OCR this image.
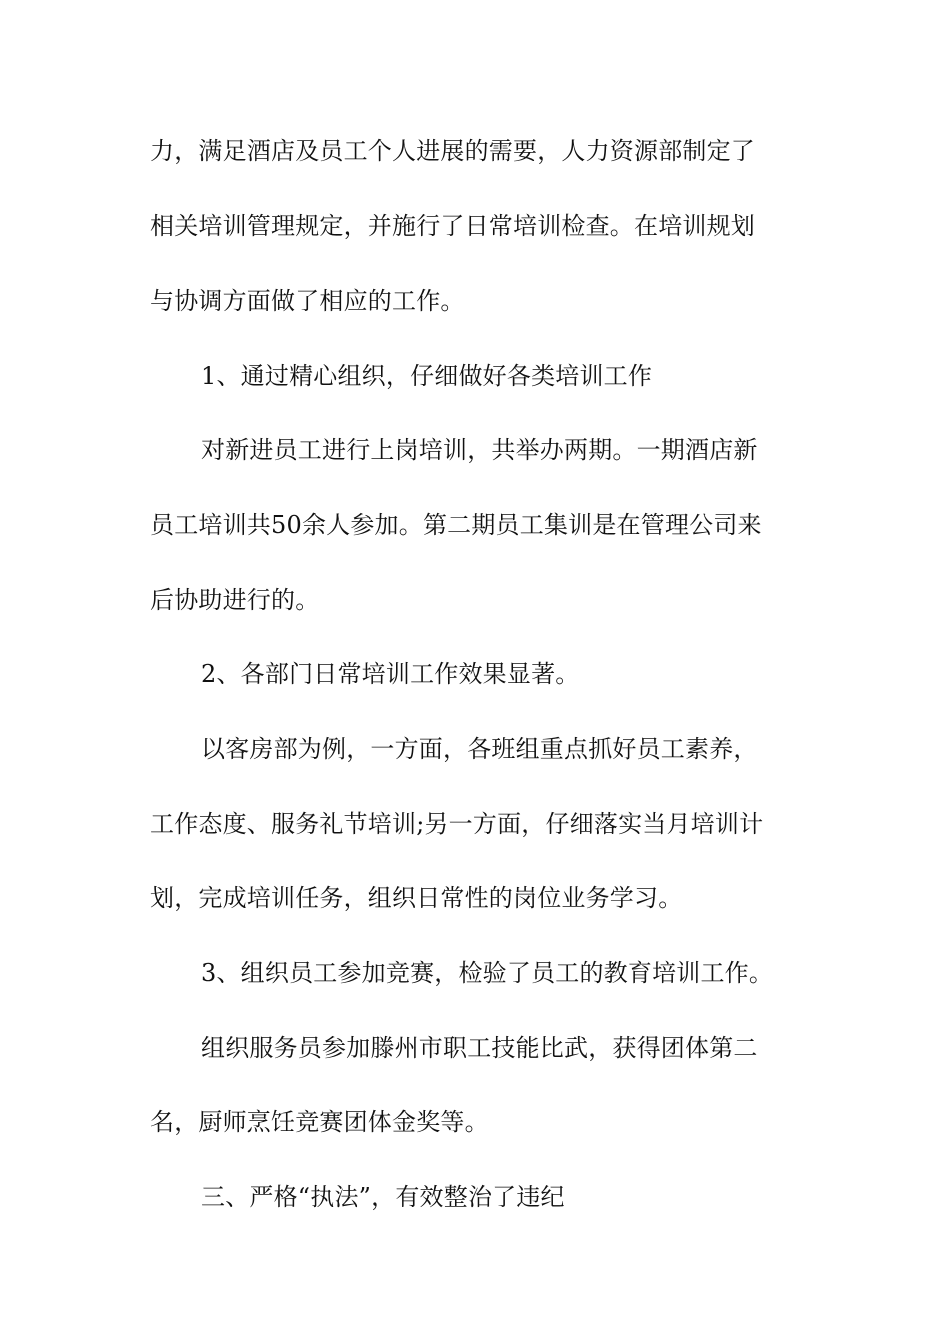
力，满足酒店及员工个人进展的需要，人力资源部制定了
相关培训管理规定，并施行了日常培训检查。在培训规划
与协调方面做了相应的工作。
1、通过精心组织，仔细做好各类培训工作
对新进员工进行上岗培训，共举办两期。一期酒店新
员工培训共50余人参加。第二期员工集训是在管理公司来
后协助进行的。
2、各部门日常培训工作效果显著。
以客房部为例，一方面，各班组重点抓好员工素养，
工作态度、服务礼节培训;另一方面，仔细落实当月培训计
划，完成培训任务，组织日常性的岗位业务学习。
3、组织员工参加竞赛，检验了员工的教育培训工作。
组织服务员参加滕州市职工技能比武，获得团体第二
名，厨师烹饪竞赛团体金奖等。
三、严格“执法”，有效整治了违纪
